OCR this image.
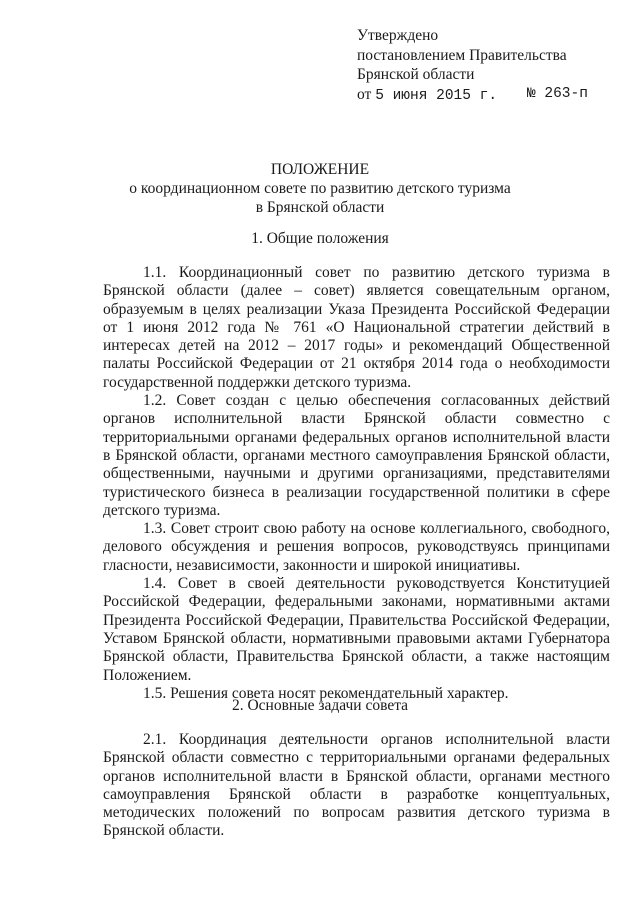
Утверждено
постановлением Правительства
Брянской области
от 5 июня 2015 г. № 263-п
ПОЛОЖЕНИЕ
о координационном совете по развитию детского туризма
в Брянской области
1. Общие положения

1.1. Координационный совет по развитию детского туризма в Брянской области (далее – совет) является совещательным органом, образуемым в целях реализации Указа Президента Российской Федерации от 1 июня 2012 года № 761 «О Национальной стратегии действий в интересах детей на 2012 – 2017 годы» и рекомендаций Общественной палаты Российской Федерации от 21 октября 2014 года о необходимости государственной поддержки детского туризма.

1.2. Совет создан с целью обеспечения согласованных действий органов исполнительной власти Брянской области совместно с территориальными органами федеральных органов исполнительной власти в Брянской области, органами местного самоуправления Брянской области, общественными, научными и другими организациями, представителями туристического бизнеса в реализации государственной политики в сфере детского туризма.

1.3. Совет строит свою работу на основе коллегиального, свободного, делового обсуждения и решения вопросов, руководствуясь принципами гласности, независимости, законности и широкой инициативы.

1.4. Совет в своей деятельности руководствуется Конституцией Российской Федерации, федеральными законами, нормативными актами Президента Российской Федерации, Правительства Российской Федерации, Уставом Брянской области, нормативными правовыми актами Губернатора Брянской области, Правительства Брянской области, а также настоящим Положением.

1.5. Решения совета носят рекомендательный характер.

2. Основные задачи совета

2.1. Координация деятельности органов исполнительной власти Брянской области совместно с территориальными органами федеральных органов исполнительной власти в Брянской области, органами местного самоуправления Брянской области в разработке концептуальных, методических положений по вопросам развития детского туризма в Брянской области.
